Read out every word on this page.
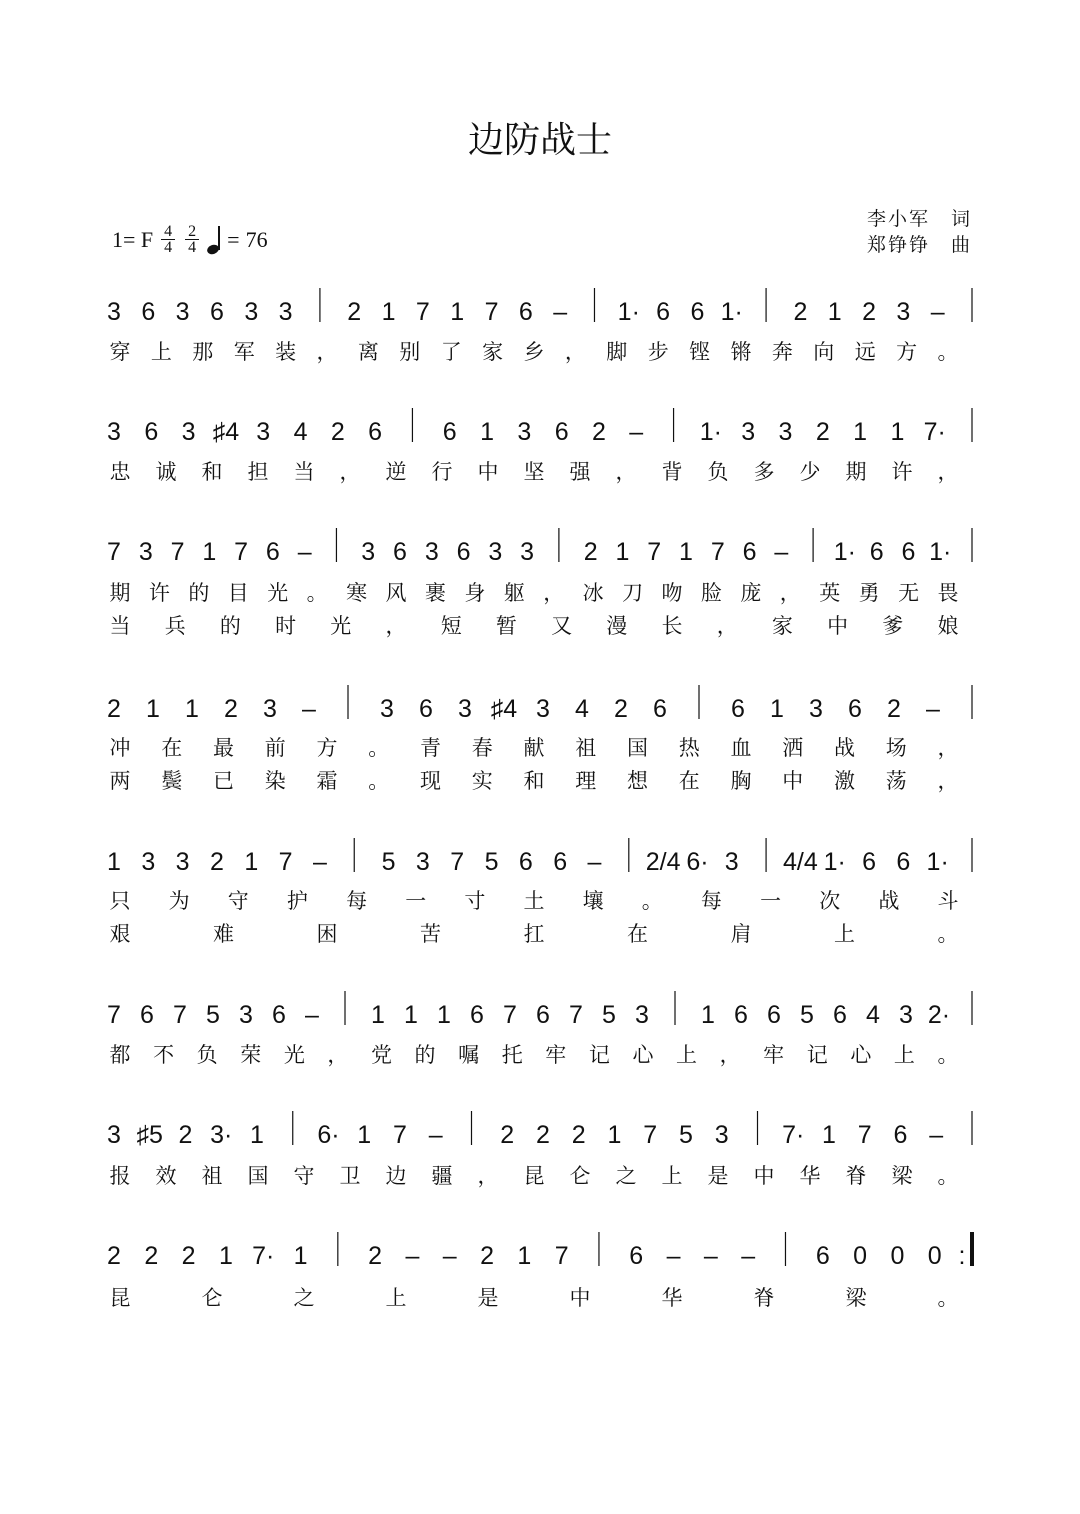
边防战士
李小军　词
郑铮铮　曲
1= F $\frac{4}{4} \frac{2}{4} = 76$
3 6 3 6 3 3 2 1 7 1 7 6 – 1· 6 6 1· 2 1 2 3 –
穿 上 那 军 装 ， 离 别 了 家 乡 ， 脚 步 铿 锵 奔 向 远 方 。
3 6 3 ♯4 3 4 2 6 6 1 3 6 2 – 1· 3 3 2 1 1 7·
忠 诚 和 担 当 ， 逆 行 中 坚 强 ， 背 负 多 少 期 许 ，
7 3 7 1 7 6 – 3 6 3 6 3 3 2 1 7 1 7 6 – 1· 6 6 1·
期 许 的 目 光 。 寒 风 裹 身 躯 ， 冰 刀 吻 脸 庞 ， 英 勇 无 畏
当 兵 的 时 光 ， 短 暂 又 漫 长 ， 家 中 爹 娘
2 1 1 2 3 –	3 6 3 ♯4 3 4 2 6	6 1 3 6 2 –
冲 在 最 前 方 。 青 春 献 祖 国 热 血 洒 战 场 ，
两 鬓 已 染 霜 。 现 实 和 理 想 在 胸 中 激 荡 ，
1 3 3 2 1 7 – 5 3 7 5 6 6 – 2/4 6· 3 4/4 1· 6 6 1·
只 为 守 护 每 一 寸 土 壤 。 每 一 次 战 斗
艰	难	困	苦	扛	在	肩	上	。
7 6 7 5 3 6 – 1 1 1 6 7 6 7 5 3 1 6 6 5 6 4 3 2·
都 不 负 荣 光 ， 党 的 嘱 托 牢 记 心 上 ， 牢 记 心 上 。
3 ♯5 2 3· 1 6· 1 7 – 2 2 2 1 7 5 3 7· 1 7 6 –
报 效 祖 国 守 卫 边 疆 ， 昆 仑 之 上 是 中 华 脊 梁 。
2 2 2 1 7· 1 2 – – 2 1 7 6 – – – 6 0 0 0 :
昆	仑	之	上	是	中	华	脊	梁	。
